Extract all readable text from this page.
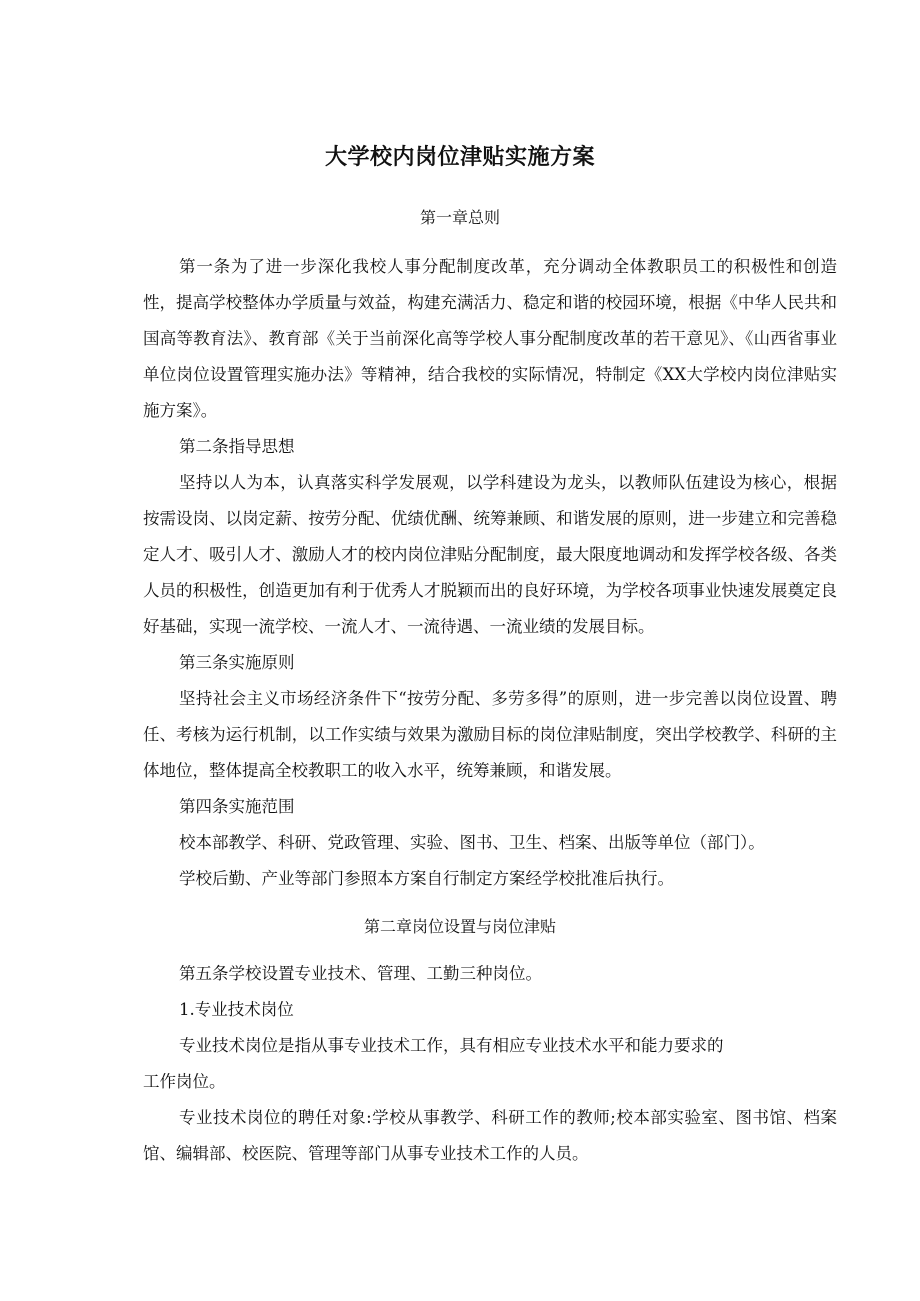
大学校内岗位津贴实施方案
第一章总则

第一条为了进一步深化我校人事分配制度改革，充分调动全体教职员工的积极性和创造性，提高学校整体办学质量与效益，构建充满活力、稳定和谐的校园环境，根据《中华人民共和国高等教育法》、教育部《关于当前深化高等学校人事分配制度改革的若干意见》、《山西省事业单位岗位设置管理实施办法》等精神，结合我校的实际情况，特制定《XX大学校内岗位津贴实施方案》。

第二条指导思想

坚持以人为本，认真落实科学发展观，以学科建设为龙头，以教师队伍建设为核心，根据按需设岗、以岗定薪、按劳分配、优绩优酬、统筹兼顾、和谐发展的原则，进一步建立和完善稳定人才、吸引人才、激励人才的校内岗位津贴分配制度，最大限度地调动和发挥学校各级、各类人员的积极性，创造更加有利于优秀人才脱颖而出的良好环境，为学校各项事业快速发展奠定良好基础，实现一流学校、一流人才、一流待遇、一流业绩的发展目标。

第三条实施原则

坚持社会主义市场经济条件下“按劳分配、多劳多得”的原则，进一步完善以岗位设置、聘任、考核为运行机制，以工作实绩与效果为激励目标的岗位津贴制度，突出学校教学、科研的主体地位，整体提高全校教职工的收入水平，统筹兼顾，和谐发展。

第四条实施范围

校本部教学、科研、党政管理、实验、图书、卫生、档案、出版等单位（部门）。

学校后勤、产业等部门参照本方案自行制定方案经学校批准后执行。

第二章岗位设置与岗位津贴

第五条学校设置专业技术、管理、工勤三种岗位。

1.专业技术岗位

专业技术岗位是指从事专业技术工作，具有相应专业技术水平和能力要求的

工作岗位。

专业技术岗位的聘任对象:学校从事教学、科研工作的教师;校本部实验室、图书馆、档案馆、编辑部、校医院、管理等部门从事专业技术工作的人员。
